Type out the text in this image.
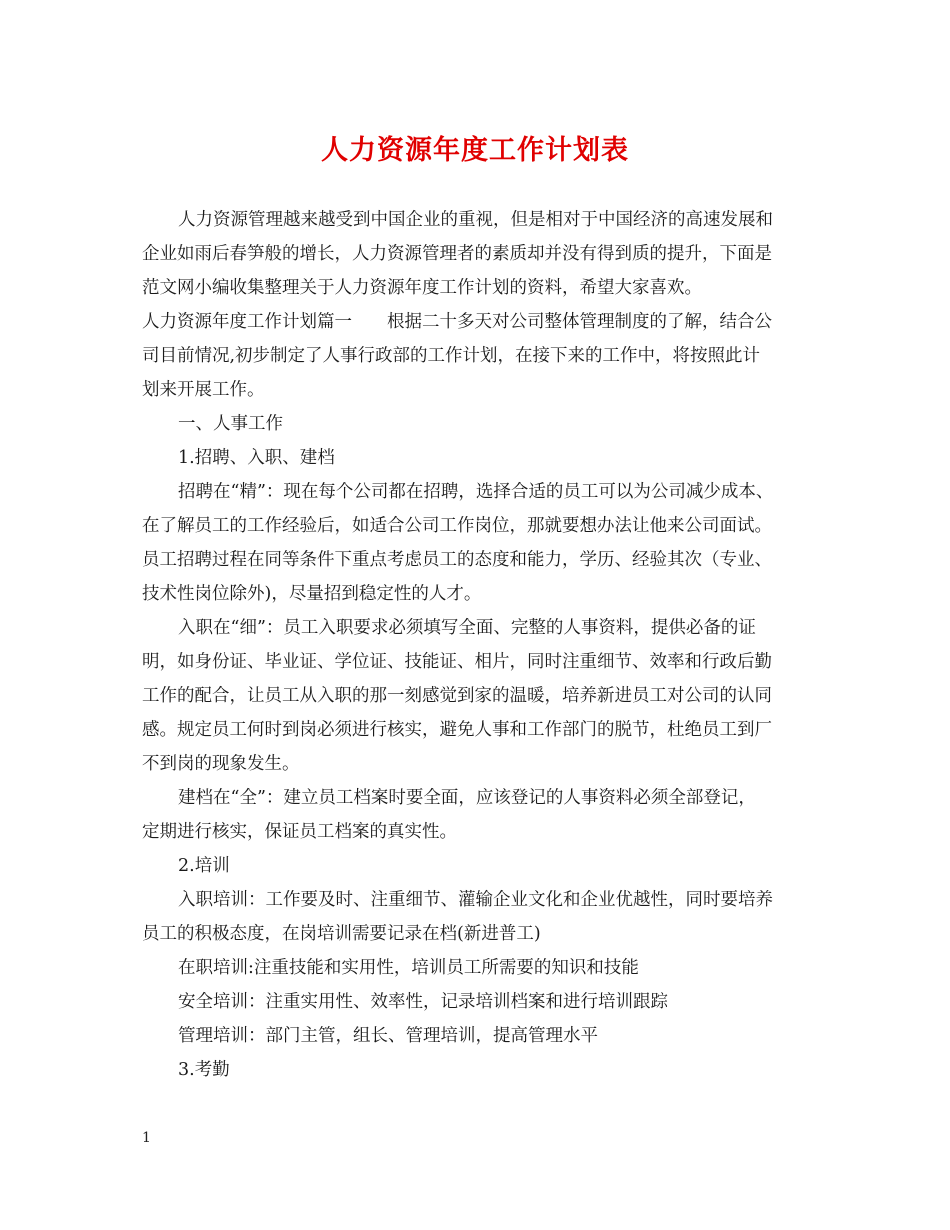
人力资源年度工作计划表
人力资源管理越来越受到中国企业的重视，但是相对于中国经济的高速发展和
企业如雨后春笋般的增长，人力资源管理者的素质却并没有得到质的提升，下面是
范文网小编收集整理关于人力资源年度工作计划的资料，希望大家喜欢。
人力资源年度工作计划篇一　　根据二十多天对公司整体管理制度的了解，结合公
司目前情况,初步制定了人事行政部的工作计划，在接下来的工作中，将按照此计
划来开展工作。
一、人事工作
1.招聘、入职、建档
招聘在“精”：现在每个公司都在招聘，选择合适的员工可以为公司减少成本、
在了解员工的工作经验后，如适合公司工作岗位，那就要想办法让他来公司面试。
员工招聘过程在同等条件下重点考虑员工的态度和能力，学历、经验其次（专业、
技术性岗位除外)，尽量招到稳定性的人才。
入职在“细”：员工入职要求必须填写全面、完整的人事资料，提供必备的证
明，如身份证、毕业证、学位证、技能证、相片，同时注重细节、效率和行政后勤
工作的配合，让员工从入职的那一刻感觉到家的温暖，培养新进员工对公司的认同
感。规定员工何时到岗必须进行核实，避免人事和工作部门的脱节，杜绝员工到厂
不到岗的现象发生。
建档在“全”：建立员工档案时要全面，应该登记的人事资料必须全部登记，
定期进行核实，保证员工档案的真实性。
2.培训
入职培训：工作要及时、注重细节、灌输企业文化和企业优越性，同时要培养
员工的积极态度，在岗培训需要记录在档(新进普工)
在职培训:注重技能和实用性，培训员工所需要的知识和技能
安全培训：注重实用性、效率性，记录培训档案和进行培训跟踪
管理培训：部门主管，组长、管理培训，提高管理水平
3.考勤
1
